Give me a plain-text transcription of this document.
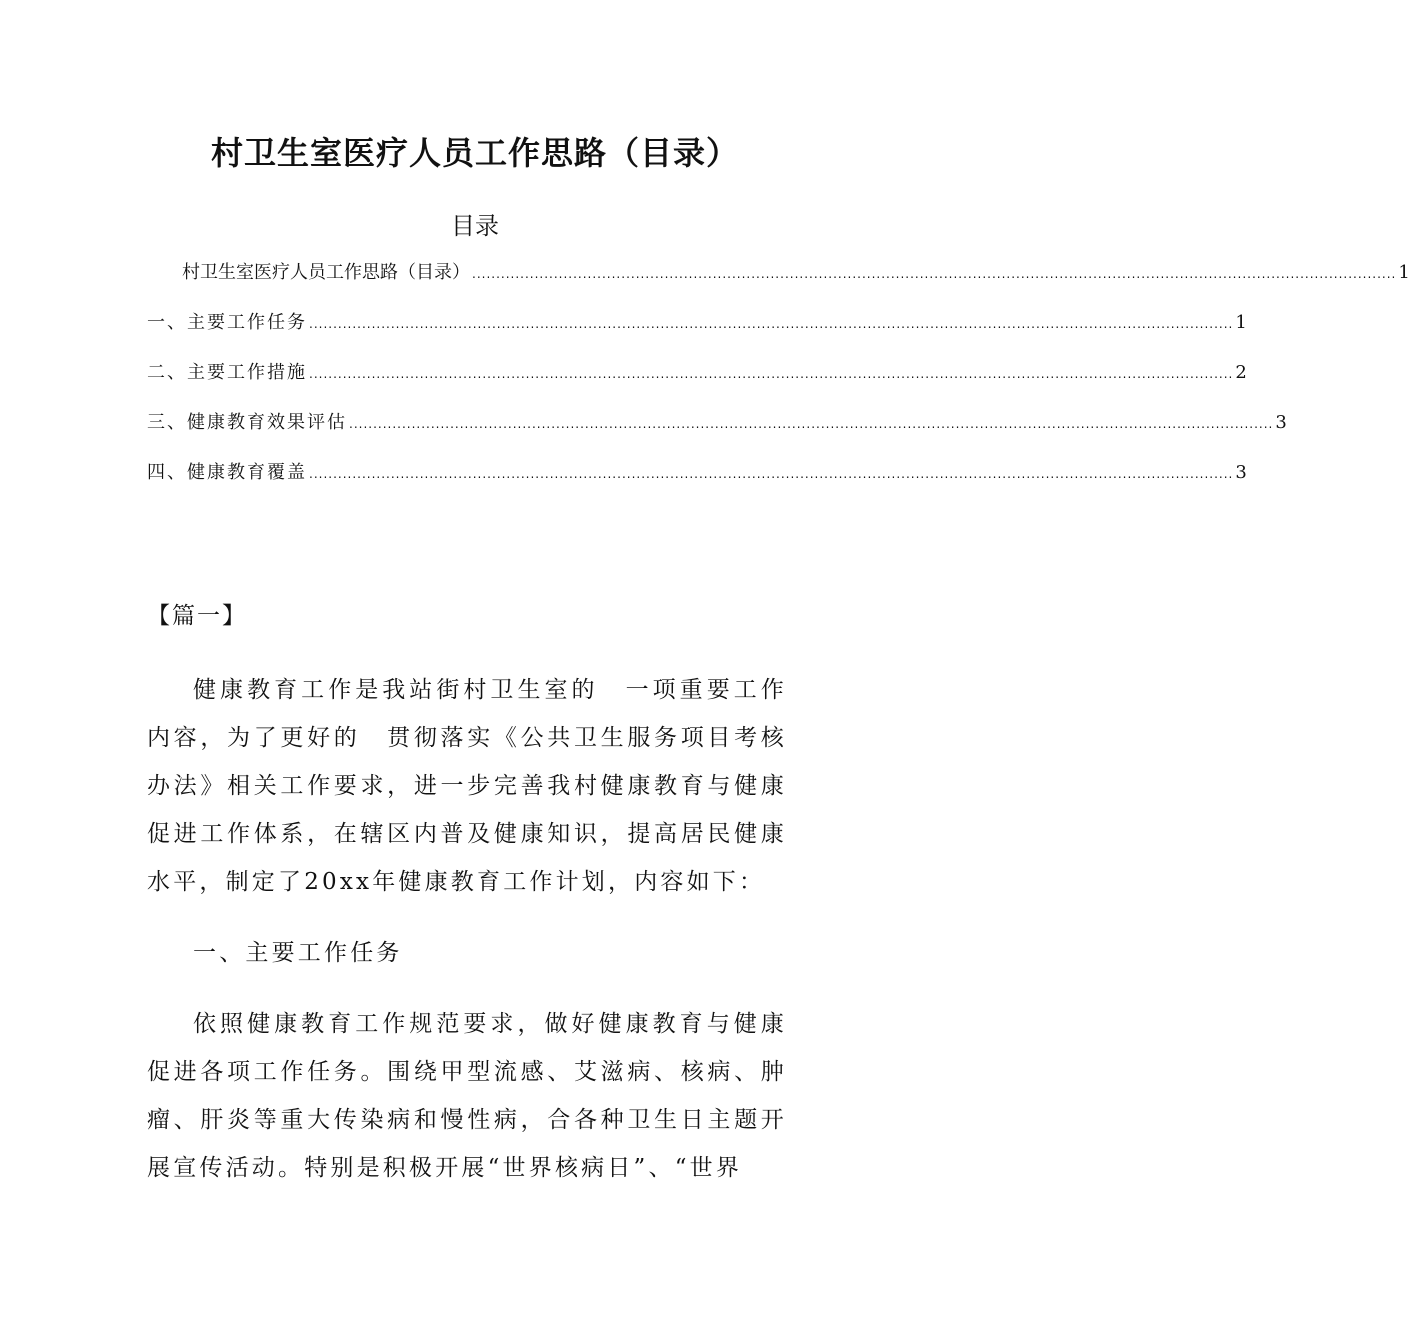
村卫生室医疗人员工作思路（目录）
目录
村卫生室医疗人员工作思路（目录） ................................................................................................................................................................................................ 1
一、主要工作任务 ................................................................................................................................................................................................ 1
二、主要工作措施 ................................................................................................................................................................................................ 2
三、健康教育效果评估 ................................................................................................................................................................................................ 3
四、健康教育覆盖 ................................................................................................................................................................................................ 3
【篇一】
健康教育工作是我站街村卫生室的　一项重要工作内容，为了更好的　贯彻落实《公共卫生服务项目考核办法》相关工作要求，进一步完善我村健康教育与健康促进工作体系，在辖区内普及健康知识，提高居民健康水平，制定了20xx年健康教育工作计划，内容如下：
一、主要工作任务
依照健康教育工作规范要求，做好健康教育与健康促进各项工作任务。围绕甲型流感、艾滋病、核病、肿瘤、肝炎等重大传染病和慢性病，合各种卫生日主题开展宣传活动。特别是积极开展“世界核病日”、“世界
